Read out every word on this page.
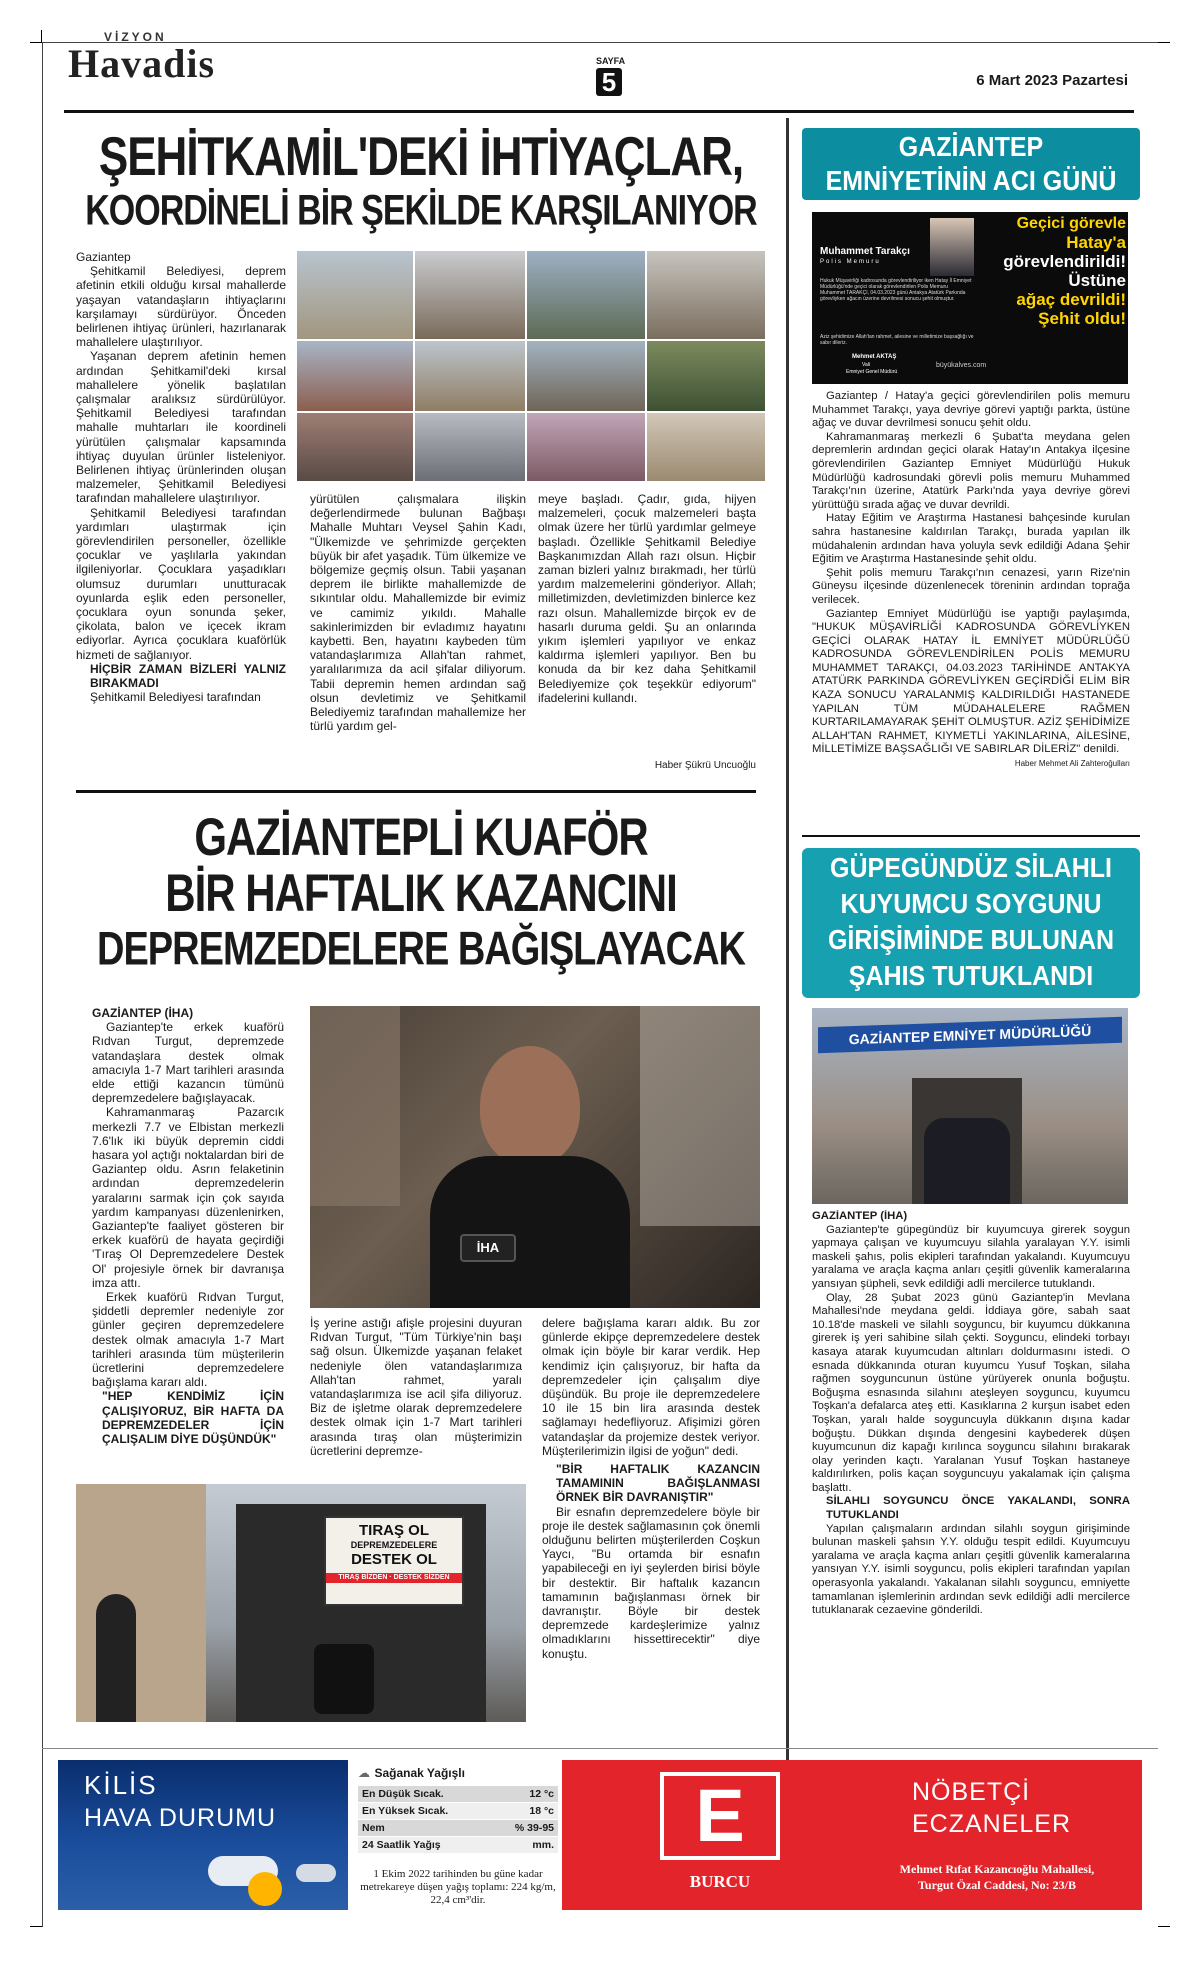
VİZYON
Havadis	SAYFA
5	6 Mart 2023 Pazartesi
ŞEHİTKAMİL'DEKİ İHTİYAÇLAR,
KOORDİNELİ BİR ŞEKİLDE KARŞILANIYOR

Gaziantep

Şehitkamil Belediyesi, deprem afetinin etkili olduğu kırsal mahallerde yaşayan vatandaşların ihtiyaçlarını karşılamayı sürdürüyor. Önceden belirlenen ihtiyaç ürünleri, hazırlanarak mahallelere ulaştırılıyor.

Yaşanan deprem afetinin hemen ardından Şehitkamil'deki kırsal mahallelere yönelik başlatılan çalışmalar aralıksız sürdürülüyor. Şehitkamil Belediyesi tarafından mahalle muhtarları ile koordineli yürütülen çalışmalar kapsamında ihtiyaç duyulan ürünler listeleniyor. Belirlenen ihtiyaç ürünlerinden oluşan malzemeler, Şehitkamil Belediyesi tarafından mahallelere ulaştırılıyor.

Şehitkamil Belediyesi tarafından yardımları ulaştırmak için görevlendirilen personeller, özellikle çocuklar ve yaşlılarla yakından ilgileniyorlar. Çocuklara yaşadıkları olumsuz durumları unutturacak oyunlarda eşlik eden personeller, çocuklara oyun sonunda şeker, çikolata, balon ve içecek ikram ediyorlar. Ayrıca çocuklara kuaförlük hizmeti de sağlanıyor.

HİÇBİR ZAMAN BİZLERİ YALNIZ BIRAKMADI

Şehitkamil Belediyesi tarafından

yürütülen çalışmalara ilişkin değerlendirmede bulunan Bağbaşı Mahalle Muhtarı Veysel Şahin Kadı, "Ülkemizde ve şehrimizde gerçekten büyük bir afet yaşadık. Tüm ülkemize ve bölgemize geçmiş olsun. Tabii yaşanan deprem ile birlikte mahallemizde de sıkıntılar oldu. Mahallemizde bir evimiz ve camimiz yıkıldı. Mahalle sakinlerimizden bir evladımız hayatını kaybetti. Ben, hayatını kaybeden tüm vatandaşlarımıza Allah'tan rahmet, yaralılarımıza da acil şifalar diliyorum. Tabii depremin hemen ardından sağ olsun devletimiz ve Şehitkamil Belediyemiz tarafından mahallemize her türlü yardım gel-

meye başladı. Çadır, gıda, hijyen malzemeleri, çocuk malzemeleri başta olmak üzere her türlü yardımlar gelmeye başladı. Özellikle Şehitkamil Belediye Başkanımızdan Allah razı olsun. Hiçbir zaman bizleri yalnız bırakmadı, her türlü yardım malzemelerini gönderiyor. Allah; milletimizden, devletimizden binlerce kez razı olsun. Mahallemizde birçok ev de hasarlı duruma geldi. Şu an onlarında yıkım işlemleri yapılıyor ve enkaz kaldırma işlemleri yapılıyor. Ben bu konuda da bir kez daha Şehitkamil Belediyemize çok teşekkür ediyorum" ifadelerini kullandı.

Haber Şükrü Uncuoğlu
GAZİANTEPLİ KUAFÖR
BİR HAFTALIK KAZANCINI
DEPREMZEDELERE BAĞIŞLAYACAK

GAZİANTEP (İHA)

Gaziantep'te erkek kuaförü Rıdvan Turgut, depremzede vatandaşlara destek olmak amacıyla 1-7 Mart tarihleri arasında elde ettiği kazancın tümünü depremzedelere bağışlayacak.

Kahramanmaraş Pazarcık merkezli 7.7 ve Elbistan merkezli 7.6'lık iki büyük depremin ciddi hasara yol açtığı noktalardan biri de Gaziantep oldu. Asrın felaketinin ardından depremzedelerin yaralarını sarmak için çok sayıda yardım kampanyası düzenlenirken, Gaziantep'te faaliyet gösteren bir erkek kuaförü de hayata geçirdiği 'Tıraş Ol Depremzedelere Destek Ol' projesiyle örnek bir davranışa imza attı.

Erkek kuaförü Rıdvan Turgut, şiddetli depremler nedeniyle zor günler geçiren depremzedelere destek olmak amacıyla 1-7 Mart tarihleri arasında tüm müşterilerin ücretlerini depremzedelere bağışlama kararı aldı.

"HEP KENDİMİZ İÇİN ÇALIŞIYORUZ, BİR HAFTA DA DEPREMZEDELER İÇİN ÇALIŞALIM DİYE DÜŞÜNDÜK"

İHA

İş yerine astığı afişle projesini duyuran Rıdvan Turgut, "Tüm Türkiye'nin başı sağ olsun. Ülkemizde yaşanan felaket nedeniyle ölen vatandaşlarımıza Allah'tan rahmet, yaralı vatandaşlarımıza ise acil şifa diliyoruz. Biz de işletme olarak depremzedelere destek olmak için 1-7 Mart tarihleri arasında tıraş olan müşterimizin ücretlerini depremze-

delere bağışlama kararı aldık. Bu zor günlerde ekipçe depremzedelere destek olmak için böyle bir karar verdik. Hep kendimiz için çalışıyoruz, bir hafta da depremzedeler için çalışalım diye düşündük. Bu proje ile depremzedelere 10 ile 15 bin lira arasında destek sağlamayı hedefliyoruz. Afişimizi gören vatandaşlar da projemize destek veriyor. Müşterilerimizin ilgisi de yoğun" dedi.

"BİR HAFTALIK KAZANCIN TAMAMININ BAĞIŞLANMASI ÖRNEK BİR DAVRANIŞTIR"

Bir esnafın depremzedelere böyle bir proje ile destek sağlamasının çok önemli olduğunu belirten müşterilerden Coşkun Yaycı, "Bu ortamda bir esnafın yapabileceği en iyi şeylerden birisi böyle bir destektir. Bir haftalık kazancın tamamının bağışlanması örnek bir davranıştır. Böyle bir destek depremzede kardeşlerimize yalnız olmadıklarını hissettirecektir" diye konuştu.

TIRAŞ OL
DEPREMZEDELERE
DESTEK OL
TIRAŞ BİZDEN · DESTEK SİZDEN
GAZİANTEP
EMNİYETİNİN ACI GÜNÜ
Muhammet Tarakçı
Polis Memuru
Hukuk Müşavirliği kadrosunda görevlendiriliyor iken Hatay İl Emniyet Müdürlüğü'nde geçici olarak görevlendirilen Polis Memuru Muhammet TARAKÇI, 04.03.2023 günü Antakya Atatürk Parkında görevliyken ağacın üzerine devrilmesi sonucu şehit olmuştur.
Aziz şehidimize Allah'tan rahmet, ailesine ve milletimize başsağlığı ve sabır dileriz.
Mehmet AKTAŞ
Vali
Emniyet Genel Müdürü
büyükalves.com
Geçici görevle
Hatay'a
görevlendirildi!
Üstüne
ağaç devrildi!
Şehit oldu!

Gaziantep / Hatay'a geçici görevlendirilen polis memuru Muhammet Tarakçı, yaya devriye görevi yaptığı parkta, üstüne ağaç ve duvar devrilmesi sonucu şehit oldu.

Kahramanmaraş merkezli 6 Şubat'ta meydana gelen depremlerin ardından geçici olarak Hatay'ın Antakya ilçesine görevlendirilen Gaziantep Emniyet Müdürlüğü Hukuk Müdürlüğü kadrosundaki görevli polis memuru Muhammed Tarakçı'nın üzerine, Atatürk Parkı'nda yaya devriye görevi yürüttüğü sırada ağaç ve duvar devrildi.

Hatay Eğitim ve Araştırma Hastanesi bahçesinde kurulan sahra hastanesine kaldırılan Tarakçı, burada yapılan ilk müdahalenin ardından hava yoluyla sevk edildiği Adana Şehir Eğitim ve Araştırma Hastanesinde şehit oldu.

Şehit polis memuru Tarakçı'nın cenazesi, yarın Rize'nin Güneysu ilçesinde düzenlenecek töreninin ardından toprağa verilecek.

Gaziantep Emniyet Müdürlüğü ise yaptığı paylaşımda, "HUKUK MÜŞAVİRLİĞİ KADROSUNDA GÖREVLİYKEN GEÇİCİ OLARAK HATAY İL EMNİYET MÜDÜRLÜĞÜ KADROSUNDA GÖREVLENDİRİLEN POLİS MEMURU MUHAMMET TARAKÇI, 04.03.2023 TARİHİNDE ANTAKYA ATATÜRK PARKINDA GÖREVLİYKEN GEÇİRDİĞİ ELİM BİR KAZA SONUCU YARALANMIŞ KALDIRILDIĞI HASTANEDE YAPILAN TÜM MÜDAHALELERE RAĞMEN KURTARILAMAYARAK ŞEHİT OLMUŞTUR. AZİZ ŞEHİDİMİZE ALLAH'TAN RAHMET, KIYMETLİ YAKINLARINA, AİLESİNE, MİLLETİMİZE BAŞSAĞLIĞI VE SABIRLAR DİLERİZ" denildi.

Haber Mehmet Ali Zahteroğulları

GÜPEGÜNDÜZ SİLAHLI
KUYUMCU SOYGUNU
GİRİŞİMİNDE BULUNAN
ŞAHIS TUTUKLANDI
GAZİANTEP EMNİYET MÜDÜRLÜĞÜ

GAZİANTEP (İHA)

Gaziantep'te güpegündüz bir kuyumcuya girerek soygun yapmaya çalışan ve kuyumcuyu silahla yaralayan Y.Y. isimli maskeli şahıs, polis ekipleri tarafından yakalandı. Kuyumcuyu yaralama ve araçla kaçma anları çeşitli güvenlik kameralarına yansıyan şüpheli, sevk edildiği adli mercilerce tutuklandı.

Olay, 28 Şubat 2023 günü Gaziantep'in Mevlana Mahallesi'nde meydana geldi. İddiaya göre, sabah saat 10.18'de maskeli ve silahlı soyguncu, bir kuyumcu dükkanına girerek iş yeri sahibine silah çekti. Soyguncu, elindeki torbayı kasaya atarak kuyumcudan altınları doldurmasını istedi. O esnada dükkanında oturan kuyumcu Yusuf Toşkan, silaha rağmen soyguncunun üstüne yürüyerek onunla boğuştu. Boğuşma esnasında silahını ateşleyen soyguncu, kuyumcu Toşkan'a defalarca ateş etti. Kasıklarına 2 kurşun isabet eden Toşkan, yaralı halde soyguncuyla dükkanın dışına kadar boğuştu. Dükkan dışında dengesini kaybederek düşen kuyumcunun diz kapağı kırılınca soyguncu silahını bırakarak olay yerinden kaçtı. Yaralanan Yusuf Toşkan hastaneye kaldırılırken, polis kaçan soyguncuyu yakalamak için çalışma başlattı.

SİLAHLI SOYGUNCU ÖNCE YAKALANDI, SONRA TUTUKLANDI

Yapılan çalışmaların ardından silahlı soygun girişiminde bulunan maskeli şahsın Y.Y. olduğu tespit edildi. Kuyumcuyu yaralama ve araçla kaçma anları çeşitli güvenlik kameralarına yansıyan Y.Y. isimli soyguncu, polis ekipleri tarafından yapılan operasyonla yakalandı. Yakalanan silahlı soyguncu, emniyette tamamlanan işlemlerinin ardından sevk edildiği adli mercilerce tutuklanarak cezaevine gönderildi.

KİLİS
HAVA DURUMU
☁ Sağanak Yağışlı
En Düşük Sıcak.	12 °c
En Yüksek Sıcak.	18 °c
Nem	% 39-95
24 Saatlik Yağış	mm.
1 Ekim 2022 tarihinden bu güne kadar metrekareye düşen yağış toplamı: 224 kg/m, 22,4 cm³'dir.
E
BURCU
NÖBETÇİ
ECZANELER
Mehmet Rıfat Kazancıoğlu Mahallesi,
Turgut Özal Caddesi, No: 23/B
